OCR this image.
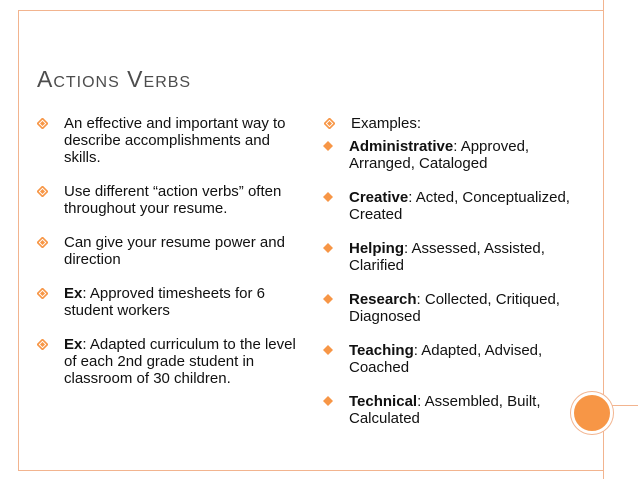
Actions Verbs
An effective and important way to describe accomplishments and skills.
Use different “action verbs” often throughout your resume.
Can give your resume power and direction
Ex: Approved timesheets for 6 student workers
Ex: Adapted curriculum to the level of each 2nd grade student in classroom of 30 children.
Examples:
Administrative: Approved, Arranged, Cataloged
Creative: Acted, Conceptualized, Created
Helping: Assessed, Assisted, Clarified
Research: Collected, Critiqued, Diagnosed
Teaching: Adapted, Advised, Coached
Technical: Assembled, Built, Calculated
